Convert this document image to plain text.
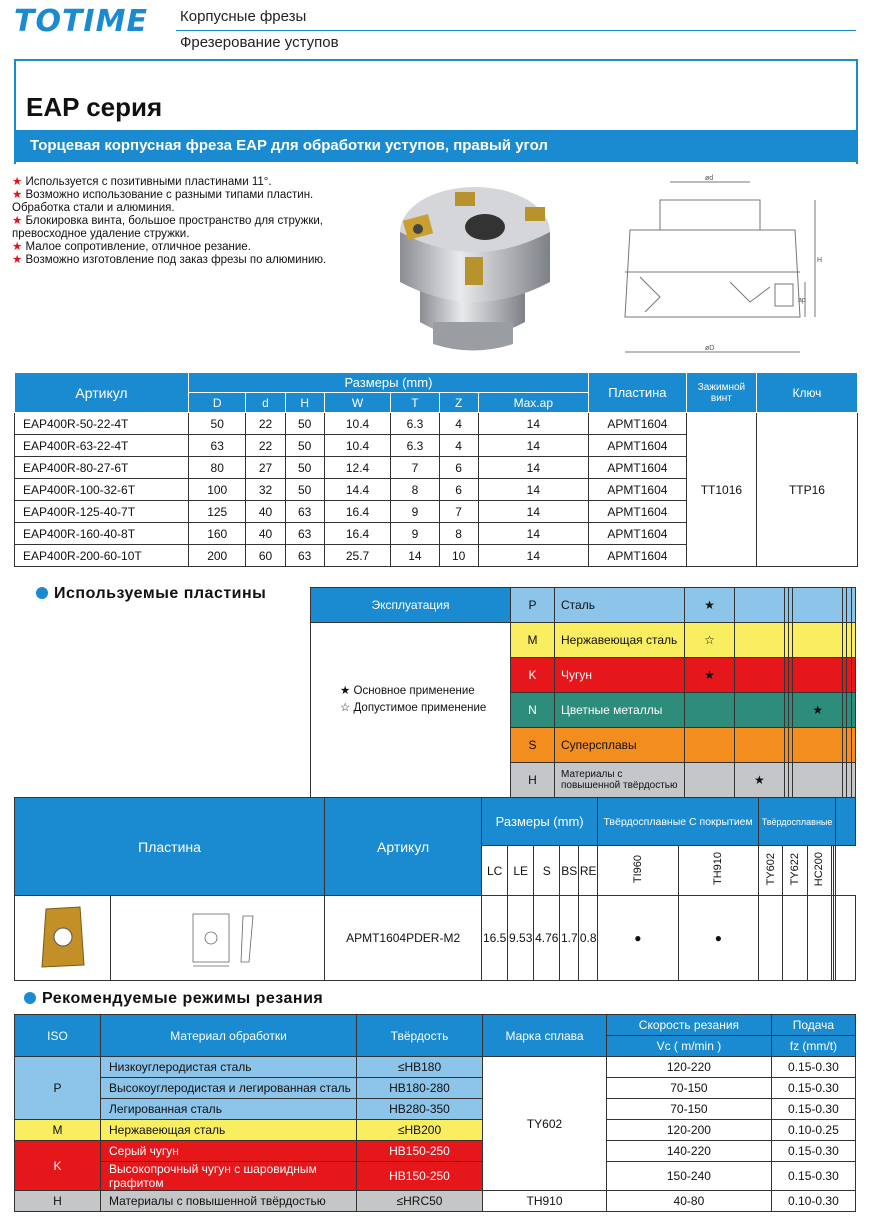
TOTIME Корпусные фрезы
Фрезерование уступов
EAP серия
Торцевая корпусная фреза EAP для обработки уступов, правый угол
★ Используется с позитивными пластинами 11°.
★ Возможно использование с разными типами пластин. Обработка стали и алюминия.
★ Блокировка винта, большое пространство для стружки, превосходное удаление стружки.
★ Малое сопротивление, отличное резание.
★ Возможно изготовление под заказ фрезы по алюминию.
ød
øD
H
ap
Артикул	Размеры (mm)							Пластина	Зажимной винт	Ключ
	D	d	H	W	T	Z	Max.ap			
EAP400R-50-22-4T	50	22	50	10.4	6.3	4	14	APMT1604	TT1016	TTP16
EAP400R-63-22-4T	63	22	50	10.4	6.3	4	14	APMT1604		
EAP400R-80-27-6T	80	27	50	12.4	7	6	14	APMT1604		
EAP400R-100-32-6T	100	32	50	14.4	8	6	14	APMT1604		
EAP400R-125-40-7T	125	40	63	16.4	9	7	14	APMT1604		
EAP400R-160-40-8T	160	40	63	16.4	9	8	14	APMT1604		
EAP400R-200-60-10T	200	60	63	25.7	14	10	14	APMT1604		
Используемые пластины
Эксплуатация	P	Сталь	★							
	M	Нержавеющая сталь	☆							
	K	Чугун	★							
	N	Цветные металлы					★			
	S	Суперсплавы								
	H	Материалы с повышенной твёрдостью		★						
★ Основное применение
☆ Допустимое применение
Пластина		Артикул	Размеры (mm)					Твёрдосплавные С покрытием		Твёрдосплавные					
			LC	LE	S	BS	RE	TI960	TH910	TY602	TY622	HC200			
		APMT1604PDER-M2	16.5	9.53	4.76	1.7	0.8	●	●						
Рекомендуемые режимы резания
ISO	Материал обработки	Твёрдость	Марка сплава	Скорость резания	Подача
				Vc ( m/min )	fz (mm/t)
P	Низкоуглеродистая сталь	≤HB180	TY602	120-220	0.15-0.30
	Высокоуглеродистая и легированная сталь	HB180-280		70-150	0.15-0.30
	Легированная сталь	HB280-350		70-150	0.15-0.30
M	Нержавеющая сталь	≤HB200		120-200	0.10-0.25
K	Серый чугун	HB150-250		140-220	0.15-0.30
	Высокопрочный чугун с шаровидным графитом	HB150-250		150-240	0.15-0.30
H	Материалы с повышенной твёрдостью	≤HRC50	TH910	40-80	0.10-0.30
